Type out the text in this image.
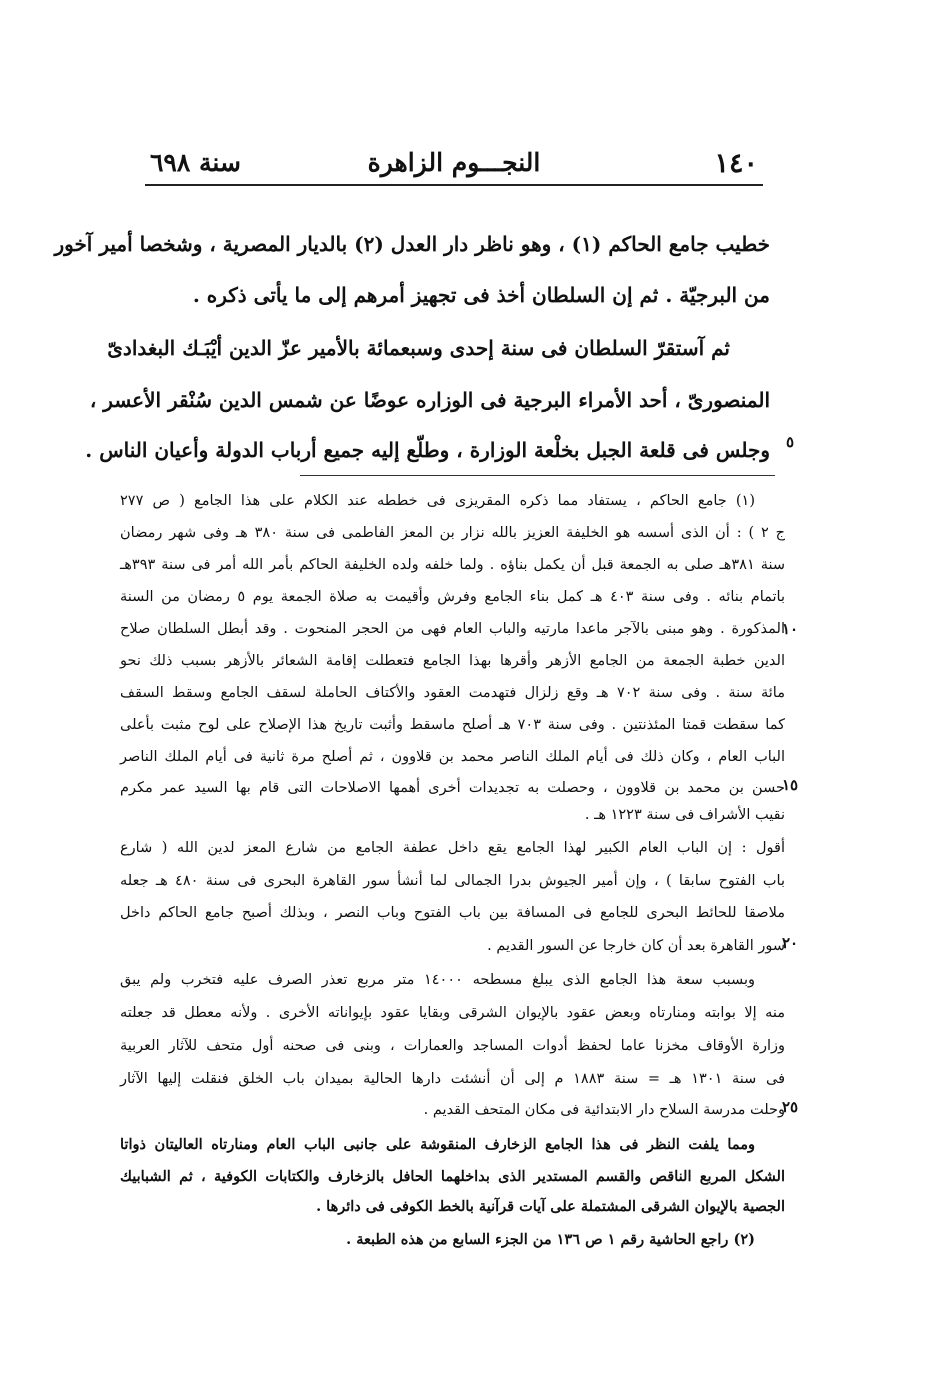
١٤٠
النجـــوم الزاهرة
سنة ٦٩٨
خطيب جامع الحاكم (١) ، وهو ناظر دار العدل (٢) بالديار المصرية ، وشخصا أمير آخور
من البرجيّة . ثم إن السلطان أخذ فى تجهيز أمرهم إلى ما يأتى ذكره .
ثم آستقرّ السلطان فى سنة إحدى وسبعمائة بالأمير عزّ الدين أيْبَـك البغدادىّ
المنصورىّ ، أحد الأمراء البرجية فى الوزاره عوضًا عن شمس الدين سُنْقر الأعسر ،
وجلس فى قلعة الجبل بخلْعة الوزارة ، وطلّع إليه جميع أرباب الدولة وأعيان الناس .
(١) جامع الحاكم ، يستفاد مما ذكره المقريزى فى خططه عند الكلام على هذا الجامع ( ص ٢٧٧
ج ٢ ) : أن الذى أسسه هو الخليفة العزيز بالله نزار بن المعز الفاطمى فى سنة ٣٨٠ هـ وفى شهر رمضان
سنة ٣٨١هـ صلى به الجمعة قبل أن يكمل بناؤه . ولما خلفه ولده الخليفة الحاكم بأمر الله أمر فى سنة ٣٩٣هـ
باتمام بنائه . وفى سنة ٤٠٣ هـ كمل بناء الجامع وفرش وأقيمت به صلاة الجمعة يوم ٥ رمضان من السنة
المذكورة . وهو مبنى بالآجر ماعدا مارتيه والباب العام فهى من الحجر المنحوت . وقد أبطل السلطان صلاح
الدين خطبة الجمعة من الجامع الأزهر وأقرها بهذا الجامع فتعطلت إقامة الشعائر بالأزهر بسبب ذلك نحو
مائة سنة . وفى سنة ٧٠٢ هـ وقع زلزال فتهدمت العقود والأكتاف الحاملة لسقف الجامع وسقط السقف
كما سقطت قمتا المئذنتين . وفى سنة ٧٠٣ هـ أصلح ماسقط وأثبت تاريخ هذا الإصلاح على لوح مثبت بأعلى
الباب العام ، وكان ذلك فى أيام الملك الناصر محمد بن قلاوون ، ثم أصلح مرة ثانية فى أيام الملك الناصر
حسن بن محمد بن قلاوون ، وحصلت به تجديدات أخرى أهمها الاصلاحات التى قام بها السيد عمر مكرم
نقيب الأشراف فى سنة ١٢٢٣ هـ .
أقول : إن الباب العام الكبير لهذا الجامع يقع داخل عطفة الجامع من شارع المعز لدين الله ( شارع
باب الفتوح سابقا ) ، وإن أمير الجيوش بدرا الجمالى لما أنشأ سور القاهرة البحرى فى سنة ٤٨٠ هـ جعله
ملاصقا للحائط البحرى للجامع فى المسافة بين باب الفتوح وباب النصر ، وبذلك أصبح جامع الحاكم داخل
سور القاهرة بعد أن كان خارجا عن السور القديم .
وبسبب سعة هذا الجامع الذى يبلغ مسطحه ١٤٠٠٠ متر مربع تعذر الصرف عليه فتخرب ولم يبق
منه إلا بوابته ومنارتاه وبعض عقود بالإيوان الشرقى وبقايا عقود بإيواناته الأخرى . ولأنه معطل قد جعلته
وزارة الأوقاف مخزنا عاما لحفظ أدوات المساجد والعمارات ، وبنى فى صحنه أول متحف للآثار العربية
فى سنة ١٣٠١ هـ = سنة ١٨٨٣ م إلى أن أنشئت دارها الحالية بميدان باب الخلق فنقلت إليها الآثار
وحلت مدرسة السلاح دار الابتدائية فى مكان المتحف القديم .
ومما يلفت النظر فى هذا الجامع الزخارف المنقوشة على جانبى الباب العام ومنارتاه العاليتان ذواتا
الشكل المربع الناقص والقسم المستدير الذى بداخلهما الحافل بالزخارف والكتابات الكوفية ، ثم الشبابيك
الجصية بالإيوان الشرقى المشتملة على آيات قرآنية بالخط الكوفى فى دائرها .
(٢) راجع الحاشية رقم ١ ص ١٣٦ من الجزء السابع من هذه الطبعة .
٥
١٠
١٥
٢٠
٢٥
